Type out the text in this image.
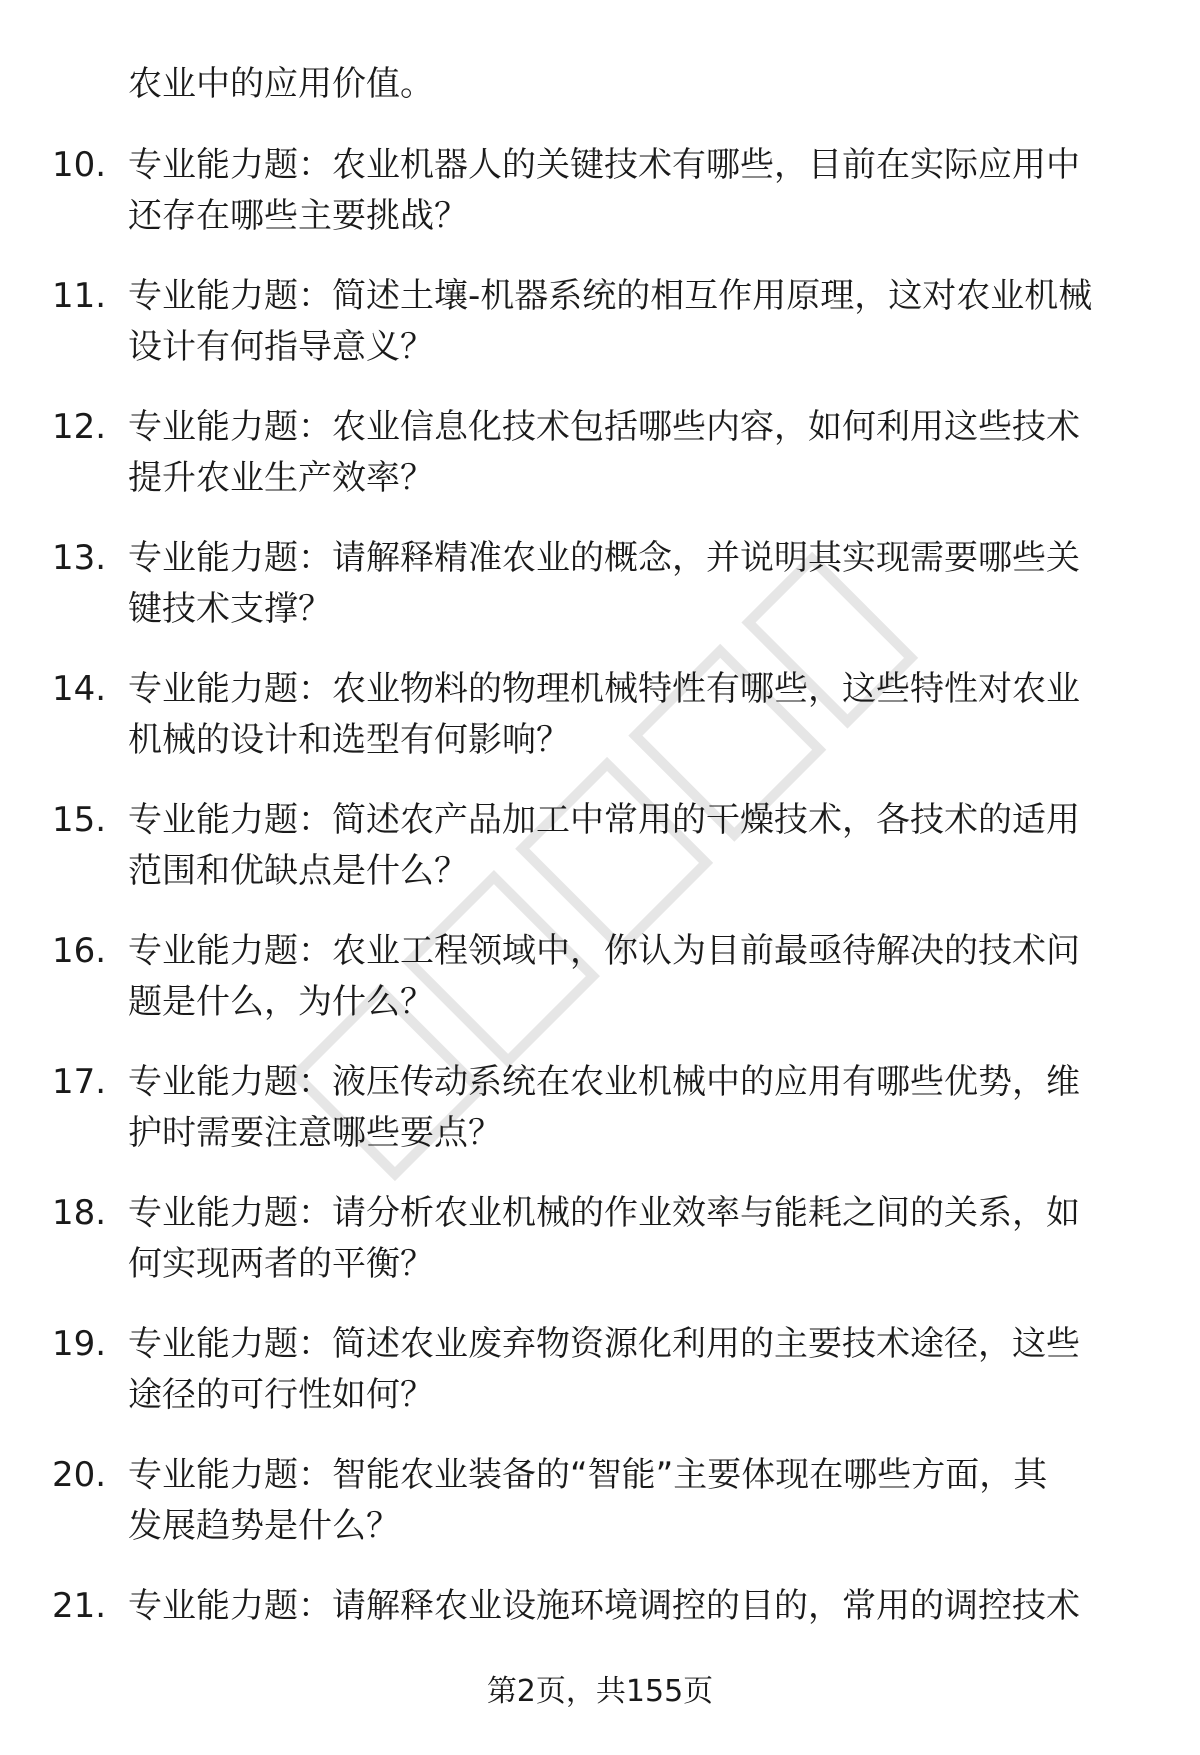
农业中的应用价值。
10. 专业能力题：农业机器人的关键技术有哪些，目前在实际应用中
还存在哪些主要挑战？
11. 专业能力题：简述土壤-机器系统的相互作用原理，这对农业机械
设计有何指导意义？
12. 专业能力题：农业信息化技术包括哪些内容，如何利用这些技术
提升农业生产效率？
13. 专业能力题：请解释精准农业的概念，并说明其实现需要哪些关
键技术支撑？
14. 专业能力题：农业物料的物理机械特性有哪些，这些特性对农业
机械的设计和选型有何影响？
15. 专业能力题：简述农产品加工中常用的干燥技术，各技术的适用
范围和优缺点是什么？
16. 专业能力题：农业工程领域中，你认为目前最亟待解决的技术问
题是什么，为什么？
17. 专业能力题：液压传动系统在农业机械中的应用有哪些优势，维
护时需要注意哪些要点？
18. 专业能力题：请分析农业机械的作业效率与能耗之间的关系，如
何实现两者的平衡？
19. 专业能力题：简述农业废弃物资源化利用的主要技术途径，这些
途径的可行性如何？
20. 专业能力题：智能农业装备的“智能”主要体现在哪些方面，其
发展趋势是什么？
21. 专业能力题：请解释农业设施环境调控的目的，常用的调控技术
第2页，共155页
